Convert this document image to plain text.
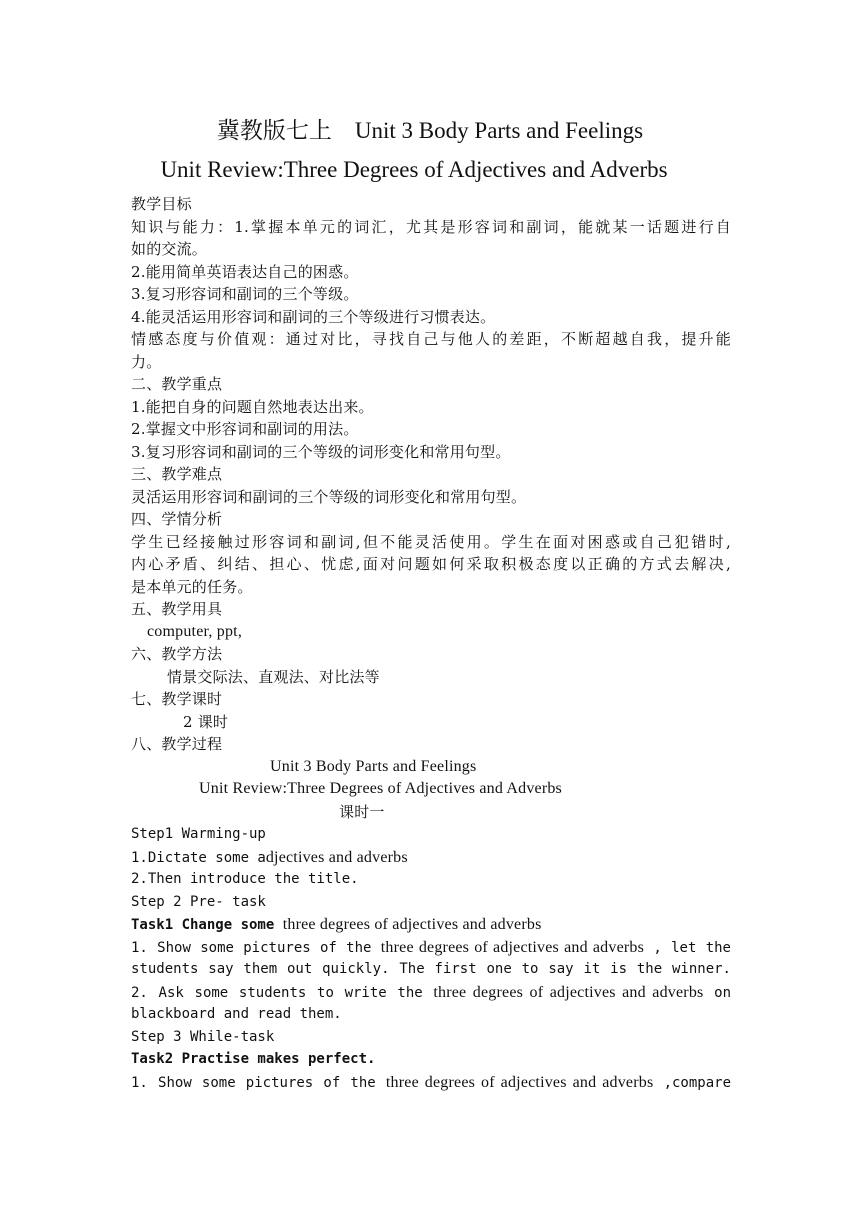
冀教版七上　Unit 3 Body Parts and Feelings
Unit Review:Three Degrees of Adjectives and Adverbs
教学目标
知识与能力：1.掌握本单元的词汇，尤其是形容词和副词，能就某一话题进行自
如的交流。
2.能用简单英语表达自己的困惑。
3.复习形容词和副词的三个等级。
4.能灵活运用形容词和副词的三个等级进行习惯表达。
情感态度与价值观：通过对比，寻找自己与他人的差距，不断超越自我，提升能
力。
二、教学重点
1.能把自身的问题自然地表达出来。
2.掌握文中形容词和副词的用法。
3.复习形容词和副词的三个等级的词形变化和常用句型。
三、教学难点
灵活运用形容词和副词的三个等级的词形变化和常用句型。
四、学情分析
学生已经接触过形容词和副词,但不能灵活使用。学生在面对困惑或自己犯错时,
内心矛盾、纠结、担心、忧虑,面对问题如何采取积极态度以正确的方式去解决,
是本单元的任务。
五、教学用具
computer, ppt,
六、教学方法
情景交际法、直观法、对比法等
七、教学课时
2 课时
八、教学过程
Unit 3 Body Parts and Feelings
Unit Review:Three Degrees of Adjectives and Adverbs
课时一
Step1 Warming-up
1.Dictate some adjectives and adverbs
2.Then introduce the title.
Step 2 Pre- task
Task1 Change some three degrees of adjectives and adverbs
1. Show some pictures of the three degrees of adjectives and adverbs , let the
students say them out quickly. The first one to say it is the winner.
2. Ask some students to write the three degrees of adjectives and adverbs on
blackboard and read them.
Step 3 While-task
Task2 Practise makes perfect.
1. Show some pictures of the three degrees of adjectives and adverbs ,compare
